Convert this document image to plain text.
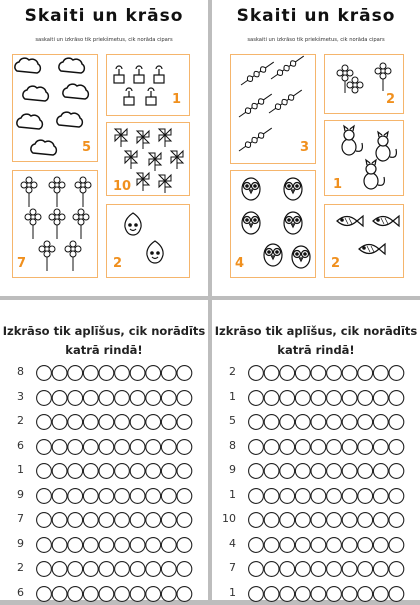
Skaiti un krāso
saskaiti un izkrāso tik priekšmetus, cik norāda cipars
5
1
10
7	2
Skaiti un krāso
saskaiti un izkrāso tik priekšmetus, cik norāda cipars
3
2
1
4	2
Izkrāso tik aplīšus, cik norādīts
katrā rindā!
8
3
2
6
1
9
7
9
2
6
Izkrāso tik aplīšus, cik norādīts
katrā rindā!
2
1
5
8
9
1
10
4
7
1
